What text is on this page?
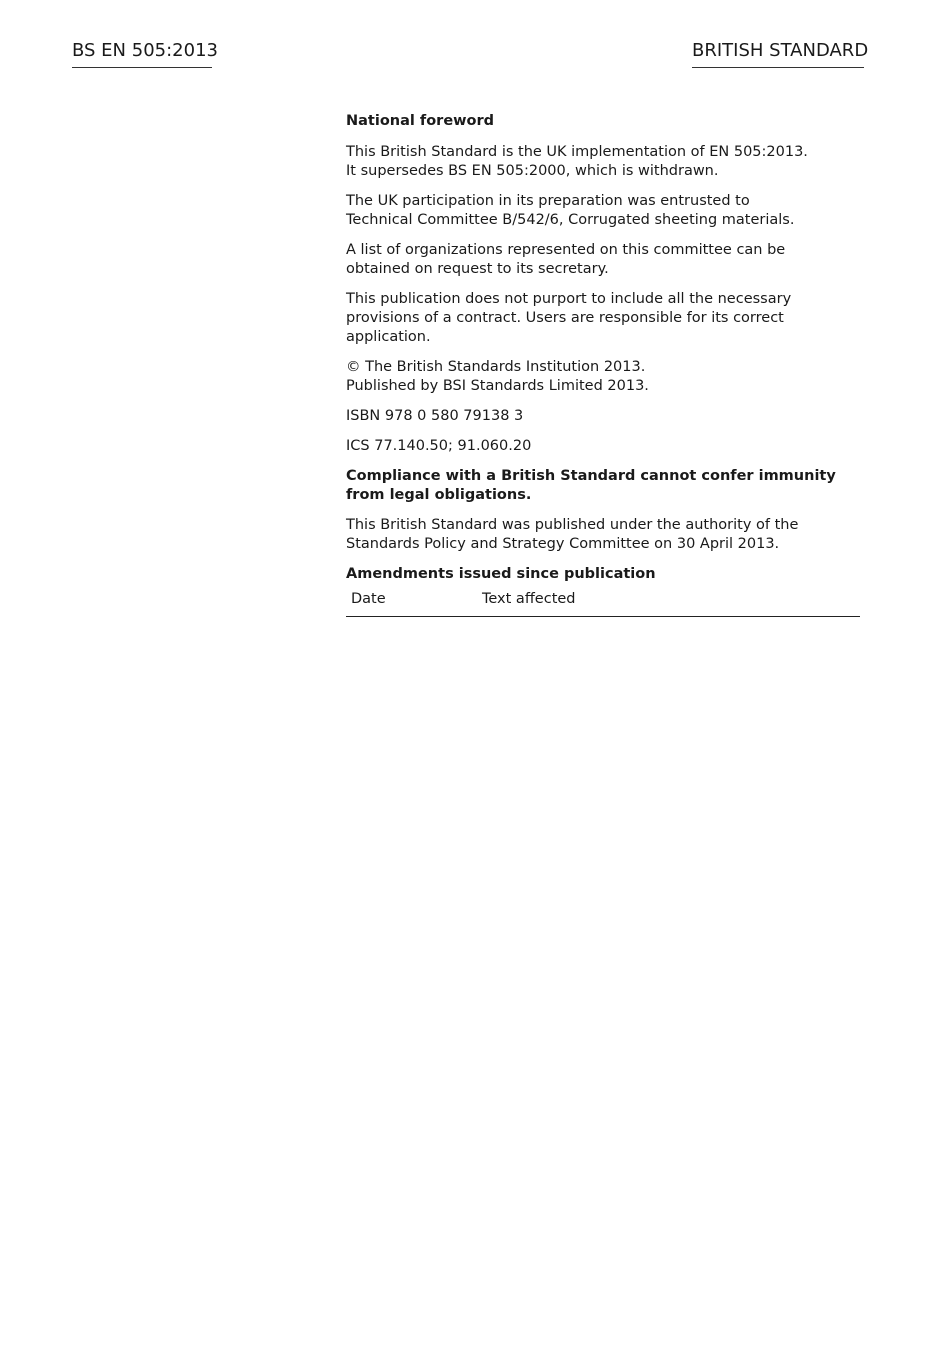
BS EN 505:2013	BRITISH STANDARD
National foreword

This British Standard is the UK implementation of EN 505:2013.
It supersedes BS EN 505:2000, which is withdrawn.

The UK participation in its preparation was entrusted to
Technical Committee B/542/6, Corrugated sheeting materials.

A list of organizations represented on this committee can be
obtained on request to its secretary.

This publication does not purport to include all the necessary
provisions of a contract. Users are responsible for its correct
application.

© The British Standards Institution 2013.
Published by BSI Standards Limited 2013.

ISBN 978 0 580 79138 3

ICS 77.140.50; 91.060.20

Compliance with a British Standard cannot confer immunity
from legal obligations.

This British Standard was published under the authority of the
Standards Policy and Strategy Committee on 30 April 2013.

Amendments issued since publication
Date	Text affected
